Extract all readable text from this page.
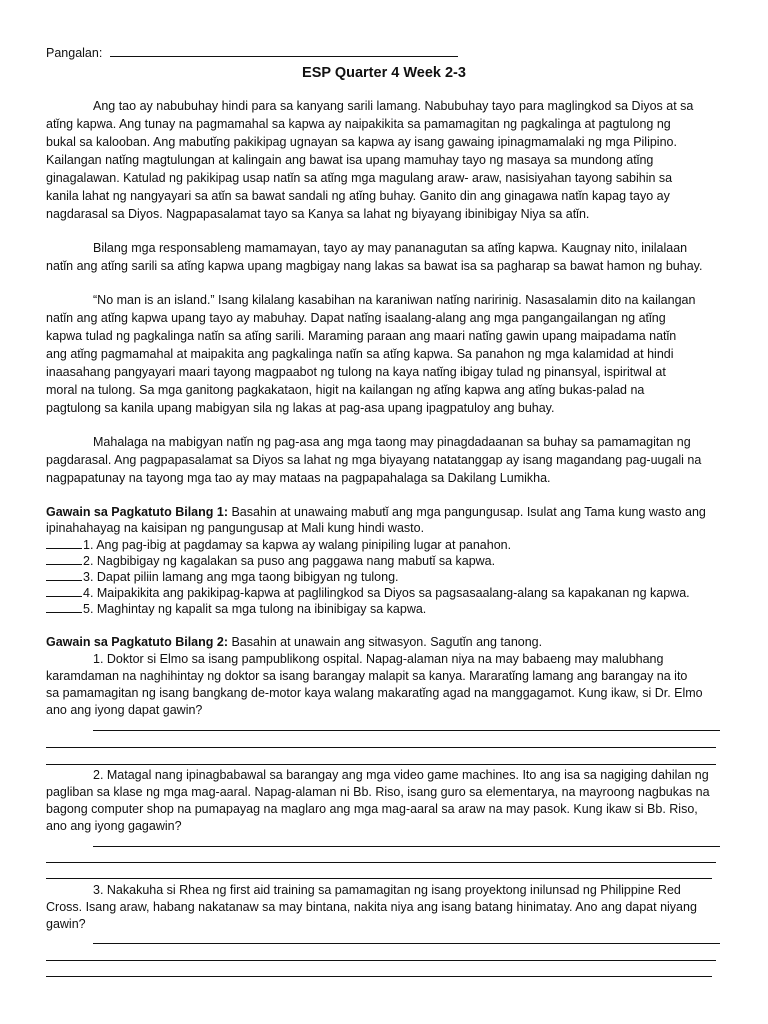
Pangalan:
ESP Quarter 4 Week 2-3
Ang tao ay nabubuhay hindi para sa kanyang sarili lamang. Nabubuhay tayo para maglingkod sa Diyos at sa
atǐng kapwa. Ang tunay na pagmamahal sa kapwa ay naipakikita sa pamamagitan ng pagkalinga at pagtulong ng
bukal sa kalooban. Ang mabutǐng pakikipag ugnayan sa kapwa ay isang gawaing ipinagmamalaki ng mga Pilipino.
Kailangan natǐng magtulungan at kalingain ang bawat isa upang mamuhay tayo ng masaya sa mundong atǐng
ginagalawan. Katulad ng pakikipag usap natǐn sa atǐng mga magulang araw- araw, nasisiyahan tayong sabihin sa
kanila lahat ng nangyayari sa atǐn sa bawat sandali ng atǐng buhay. Ganito din ang ginagawa natǐn kapag tayo ay
nagdarasal sa Diyos. Nagpapasalamat tayo sa Kanya sa lahat ng biyayang ibinibigay Niya sa atǐn.
Bilang mga responsableng mamamayan, tayo ay may pananagutan sa atǐng kapwa. Kaugnay nito, inilalaan
natǐn ang atǐng sarili sa atǐng kapwa upang magbigay nang lakas sa bawat isa sa pagharap sa bawat hamon ng buhay.
“No man is an island.” Isang kilalang kasabihan na karaniwan natǐng naririnig. Nasasalamin dito na kailangan
natǐn ang atǐng kapwa upang tayo ay mabuhay. Dapat natǐng isaalang-alang ang mga pangangailangan ng atǐng
kapwa tulad ng pagkalinga natǐn sa atǐng sarili. Maraming paraan ang maari natǐng gawin upang maipadama natǐn
ang atǐng pagmamahal at maipakita ang pagkalinga natǐn sa atǐng kapwa. Sa panahon ng mga kalamidad at hindi
inaasahang pangyayari maari tayong magpaabot ng tulong na kaya natǐng ibigay tulad ng pinansyal, ispiritwal at
moral na tulong. Sa mga ganitong pagkakataon, higit na kailangan ng atǐng kapwa ang atǐng bukas-palad na
pagtulong sa kanila upang mabigyan sila ng lakas at pag-asa upang ipagpatuloy ang buhay.
Mahalaga na mabigyan natǐn ng pag-asa ang mga taong may pinagdadaanan sa buhay sa pamamagitan ng
pagdarasal. Ang pagpapasalamat sa Diyos sa lahat ng mga biyayang natatanggap ay isang magandang pag-uugali na
nagpapatunay na tayong mga tao ay may mataas na pagpapahalaga sa Dakilang Lumikha.
Gawain sa Pagkatuto Bilang 1: Basahin at unawaing mabutǐ ang mga pangungusap. Isulat ang Tama kung wasto ang
ipinahahayag na kaisipan ng pangungusap at Mali kung hindi wasto.
1. Ang pag-ibig at pagdamay sa kapwa ay walang pinipiling lugar at panahon.
2. Nagbibigay ng kagalakan sa puso ang paggawa nang mabutǐ sa kapwa.
3. Dapat piliin lamang ang mga taong bibigyan ng tulong.
4. Maipakikita ang pakikipag-kapwa at paglilingkod sa Diyos sa pagsasaalang-alang sa kapakanan ng kapwa.
5. Maghintay ng kapalit sa mga tulong na ibinibigay sa kapwa.
Gawain sa Pagkatuto Bilang 2: Basahin at unawain ang sitwasyon. Sagutǐn ang tanong.
1. Doktor si Elmo sa isang pampublikong ospital. Napag-alaman niya na may babaeng may malubhang
karamdaman na naghihintay ng doktor sa isang barangay malapit sa kanya. Mararatǐng lamang ang barangay na ito
sa pamamagitan ng isang bangkang de-motor kaya walang makaratǐng agad na manggagamot. Kung ikaw, si Dr. Elmo
ano ang iyong dapat gawin?
2. Matagal nang ipinagbabawal sa barangay ang mga video game machines. Ito ang isa sa nagiging dahilan ng
pagliban sa klase ng mga mag-aaral. Napag-alaman ni Bb. Riso, isang guro sa elementarya, na mayroong nagbukas na
bagong computer shop na pumapayag na maglaro ang mga mag-aaral sa araw na may pasok. Kung ikaw si Bb. Riso,
ano ang iyong gagawin?
3. Nakakuha si Rhea ng first aid training sa pamamagitan ng isang proyektong inilunsad ng Philippine Red
Cross. Isang araw, habang nakatanaw sa may bintana, nakita niya ang isang batang hinimatay. Ano ang dapat niyang
gawin?
